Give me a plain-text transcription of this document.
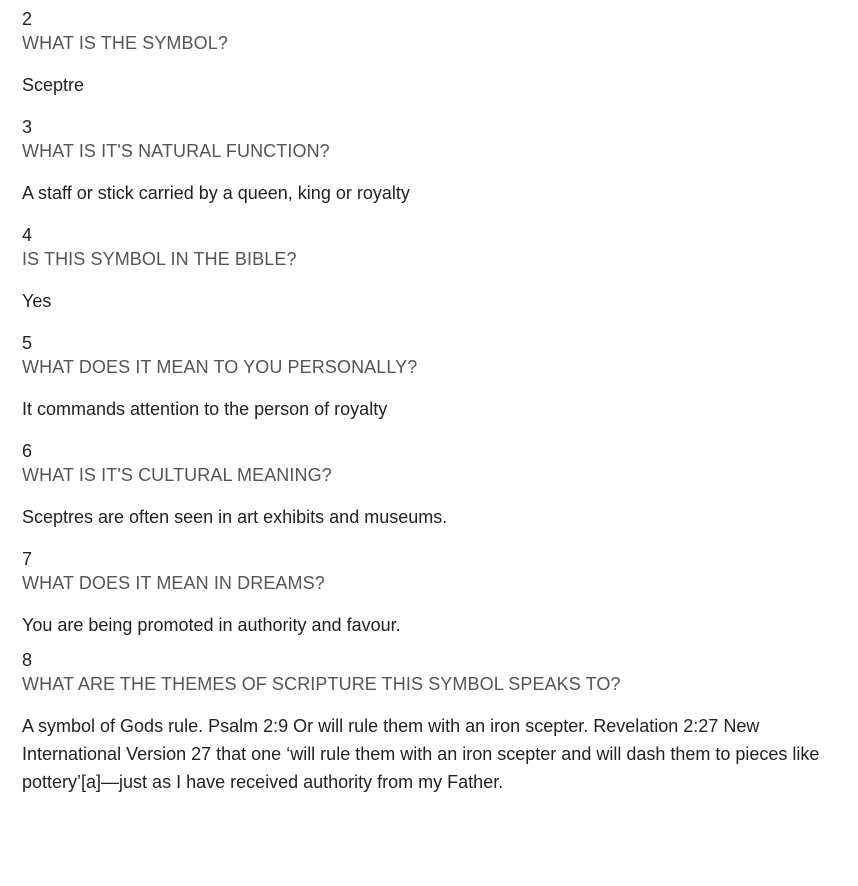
2
WHAT IS THE SYMBOL?
Sceptre
3
WHAT IS IT'S NATURAL FUNCTION?
A staff or stick carried by a queen, king or royalty
4
IS THIS SYMBOL IN THE BIBLE?
Yes
5
WHAT DOES IT MEAN TO YOU PERSONALLY?
It commands attention to the person of royalty
6
WHAT IS IT'S CULTURAL MEANING?
Sceptres are often seen in art exhibits and museums.
7
WHAT DOES IT MEAN IN DREAMS?
You are being promoted in authority and favour.
8
WHAT ARE THE THEMES OF SCRIPTURE THIS SYMBOL SPEAKS TO?
A symbol of Gods rule. Psalm 2:9 Or will rule them with an iron scepter. Revelation 2:27 New International Version 27 that one ‘will rule them with an iron scepter and will dash them to pieces like pottery’[a]—just as I have received authority from my Father.
